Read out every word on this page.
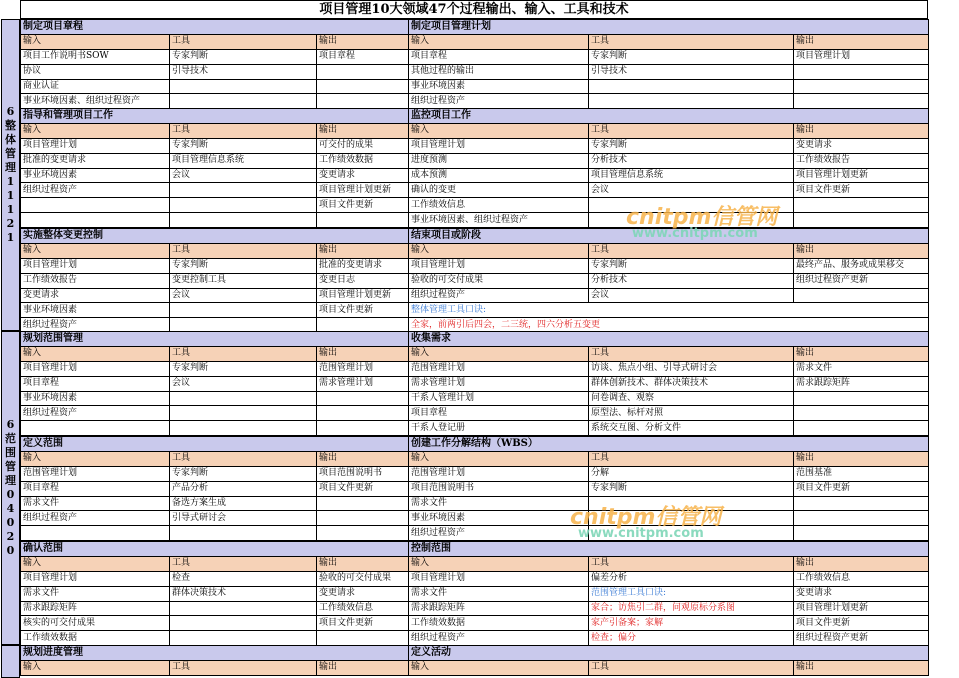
项目管理10大领域47个过程输出、输入、工具和技术
6
整
体
管
理
1
1
1
2
1
6
范
围
管
理
0
4
0
2
0
制定项目章程		
输入	工具	输出
项目工作说明书SOW	专家判断	项目章程
协议	引导技术	
商业认证		
事业环境因素、组织过程资产		
制定项目管理计划		
输入	工具	输出
项目章程	专家判断	项目管理计划
其他过程的输出	引导技术	
事业环境因素		
组织过程资产		
指导和管理项目工作		
输入	工具	输出
项目管理计划	专家判断	可交付的成果
批准的变更请求	项目管理信息系统	工作绩效数据
事业环境因素	会议	变更请求
组织过程资产		项目管理计划更新
		项目文件更新

监控项目工作		
输入	工具	输出
项目管理计划	专家判断	变更请求
进度预测	分析技术	工作绩效报告
成本预测	项目管理信息系统	项目管理计划更新
确认的变更	会议	项目文件更新
工作绩效信息		
事业环境因素、组织过程资产		
实施整体变更控制		
输入	工具	输出
项目管理计划	专家判断	批准的变更请求
工作绩效报告	变更控制工具	变更日志
变更请求	会议	项目管理计划更新
事业环境因素		项目文件更新
组织过程资产		
结束项目或阶段		
输入	工具	输出
项目管理计划	专家判断	最终产品、服务或成果移交
验收的可交付成果	分析技术	组织过程资产更新
组织过程资产	会议	
整体管理工具口诀:		
全家，前两引后四会，二三统，四六分析五变更		
规划范围管理		
输入	工具	输出
项目管理计划	专家判断	范围管理计划
项目章程	会议	需求管理计划
事业环境因素		
组织过程资产		

收集需求		
输入	工具	输出
范围管理计划	访谈、焦点小组、引导式研讨会	需求文件
需求管理计划	群体创新技术、群体决策技术	需求跟踪矩阵
干系人管理计划	问卷调查、观察	
项目章程	原型法、标杆对照	
干系人登记册	系统交互图、分析文件	
定义范围		
输入	工具	输出
范围管理计划	专家判断	项目范围说明书
项目章程	产品分析	项目文件更新
需求文件	备选方案生成	
组织过程资产	引导式研讨会	

创建工作分解结构（WBS）		
输入	工具	输出
范围管理计划	分解	范围基准
项目范围说明书	专家判断	项目文件更新
需求文件		
事业环境因素		
组织过程资产		
确认范围		
输入	工具	输出
项目管理计划	检查	验收的可交付成果
需求文件	群体决策技术	变更请求
需求跟踪矩阵		工作绩效信息
核实的可交付成果		项目文件更新
工作绩效数据		
控制范围		
输入	工具	输出
项目管理计划	偏差分析	工作绩效信息
需求文件	范围管理工具口诀:	变更请求
需求跟踪矩阵	家合；访焦引二群，问观原标分系图	项目管理计划更新
工作绩效数据	家产引备案；家解	项目文件更新
组织过程资产	检查；偏分	组织过程资产更新
规划进度管理
输入	工具	输出
定义活动
输入	工具	输出
cnitpm信管网
www.cnitpm.com
cnitpm信管网
www.cnitpm.com
